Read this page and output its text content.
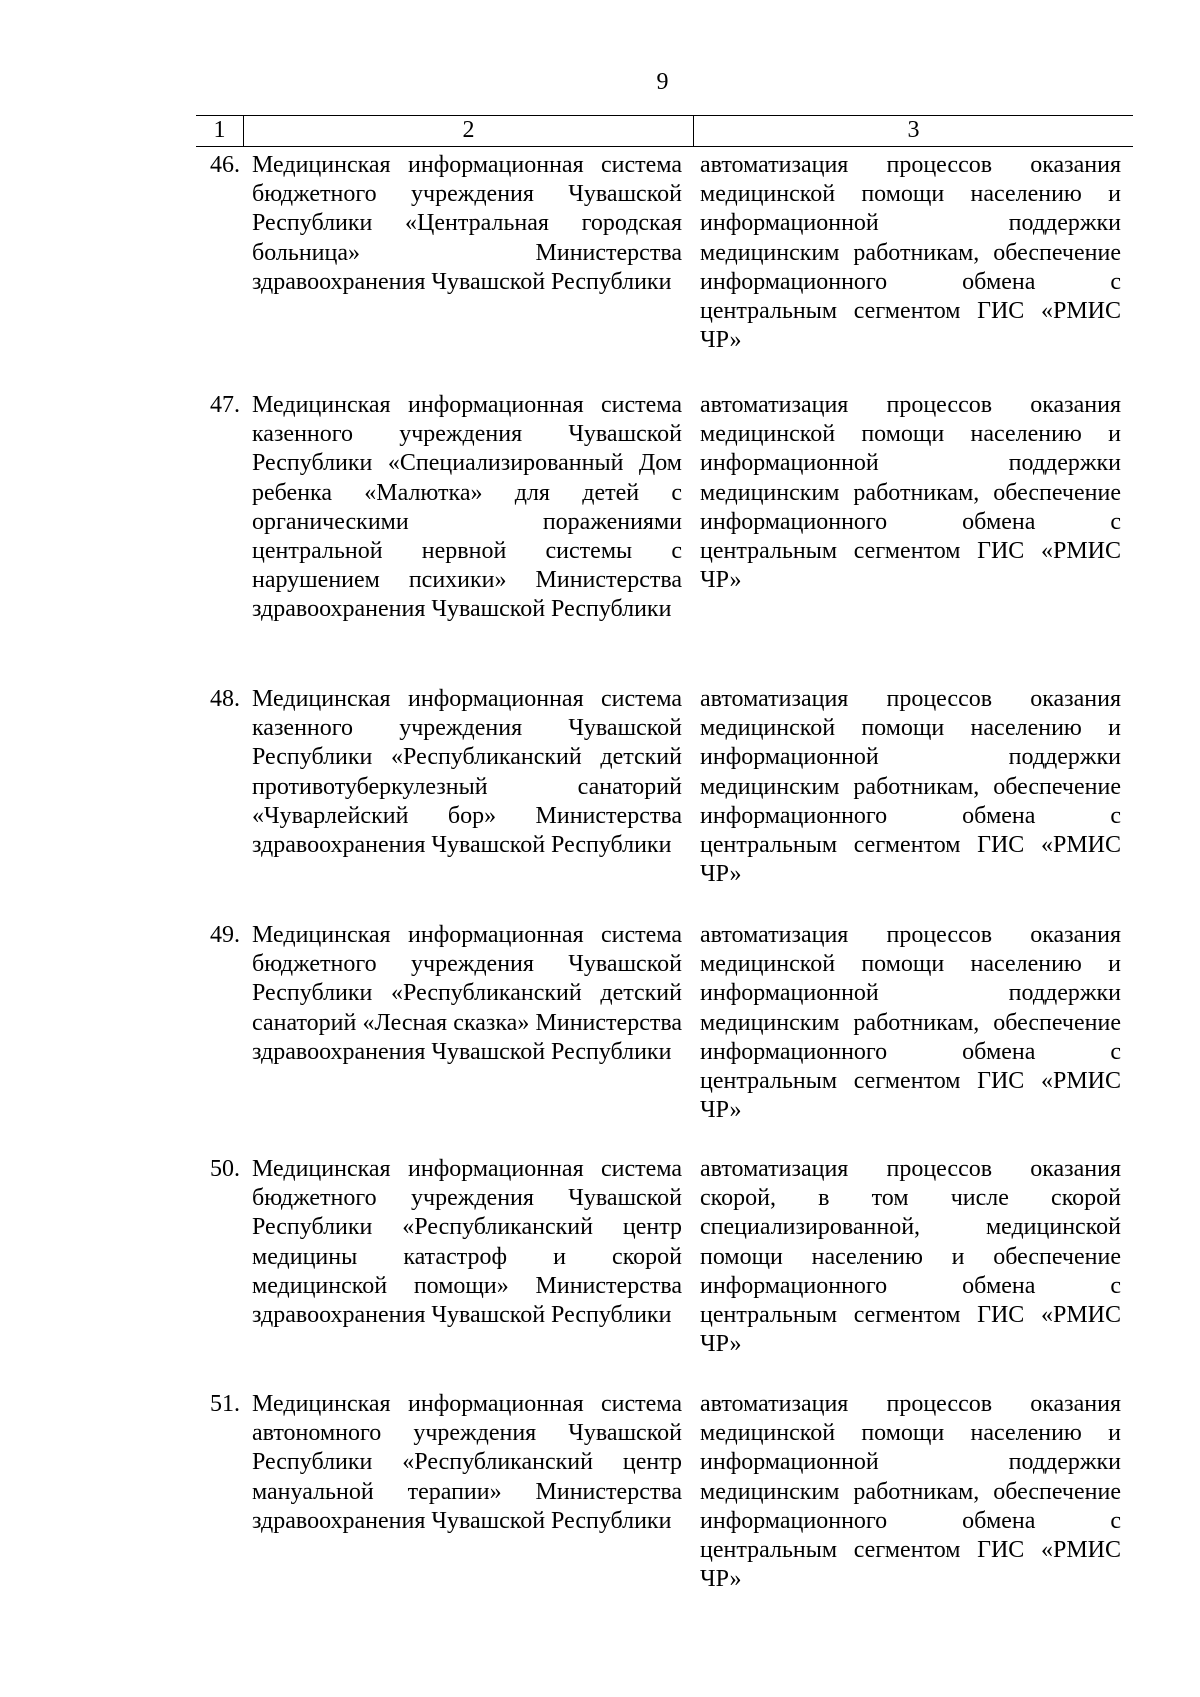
9
1	2	3
46. Медицинская информационная система бюджетного учреждения Чувашской Республики «Центральная городская больница» Министерства здравоохранения Чувашской Республики
автоматизация процессов оказания медицинской помощи населению и информационной поддержки медицинским работникам, обеспечение информационного обмена с центральным сегментом ГИС «РМИС ЧР»
47. Медицинская информационная система казенного учреждения Чувашской Республики «Специализированный Дом ребенка «Малютка» для детей с органическими поражениями центральной нервной системы с нарушением психики» Министерства здравоохранения Чувашской Республики
автоматизация процессов оказания медицинской помощи населению и информационной поддержки медицинским работникам, обеспечение информационного обмена с центральным сегментом ГИС «РМИС ЧР»
48. Медицинская информационная система казенного учреждения Чувашской Республики «Республиканский детский противотуберкулезный санаторий «Чуварлейский бор» Министерства здравоохранения Чувашской Республики
автоматизация процессов оказания медицинской помощи населению и информационной поддержки медицинским работникам, обеспечение информационного обмена с центральным сегментом ГИС «РМИС ЧР»
49. Медицинская информационная система бюджетного учреждения Чувашской Республики «Республиканский детский санаторий «Лесная сказка» Министерства здравоохранения Чувашской Республики
автоматизация процессов оказания медицинской помощи населению и информационной поддержки медицинским работникам, обеспечение информационного обмена с центральным сегментом ГИС «РМИС ЧР»
50. Медицинская информационная система бюджетного учреждения Чувашской Республики «Республиканский центр медицины катастроф и скорой медицинской помощи» Министерства здравоохранения Чувашской Республики
автоматизация процессов оказания скорой, в том числе скорой специализированной, медицинской помощи населению и обеспечение информационного обмена с центральным сегментом ГИС «РМИС ЧР»
51. Медицинская информационная система автономного учреждения Чувашской Республики «Республиканский центр мануальной терапии» Министерства здравоохранения Чувашской Республики
автоматизация процессов оказания медицинской помощи населению и информационной поддержки медицинским работникам, обеспечение информационного обмена с центральным сегментом ГИС «РМИС ЧР»
